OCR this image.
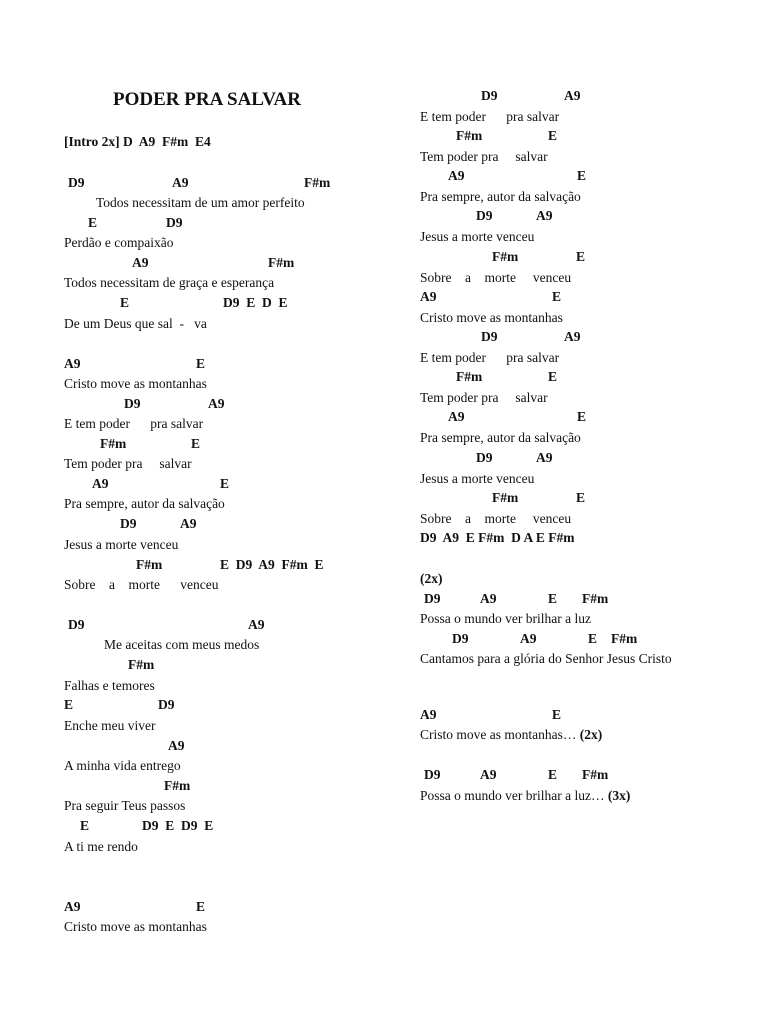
PODER PRA SALVAR
[Intro 2x] D  A9  F#m  E4
D9	A9	F#m
Todos necessitam de um amor perfeito
E	D9
Perdão e compaixão
A9	F#m
Todos necessitam de graça e esperança
E	D9  E  D  E
De um Deus que sal  -   va
A9	E
Cristo move as montanhas
D9	A9
E tem poder      pra salvar
F#m	E
Tem poder pra     salvar
A9	E
Pra sempre, autor da salvação
D9	A9
Jesus a morte venceu
F#m	E  D9  A9  F#m  E
Sobre    a    morte      venceu
D9	A9
Me aceitas com meus medos
F#m
Falhas e temores
E	D9
Enche meu viver
A9
A minha vida entrego
F#m
Pra seguir Teus passos
E	D9  E  D9  E
A ti me rendo
A9	E
Cristo move as montanhas
D9	A9
E tem poder      pra salvar
F#m	E
Tem poder pra     salvar
A9	E
Pra sempre, autor da salvação
D9	A9
Jesus a morte venceu
F#m	E
Sobre    a    morte     venceu
A9	E
Cristo move as montanhas
D9	A9
E tem poder      pra salvar
F#m	E
Tem poder pra     salvar
A9	E
Pra sempre, autor da salvação
D9	A9
Jesus a morte venceu
F#m	E
Sobre    a    morte     venceu
D9  A9  E F#m  D A E F#m
(2x)
D9	A9	E F#m
Possa o mundo ver brilhar a luz
D9	A9	E F#m
Cantamos para a glória do Senhor Jesus Cristo
A9	E
Cristo move as montanhas… (2x)
D9	A9	E F#m
Possa o mundo ver brilhar a luz… (3x)
